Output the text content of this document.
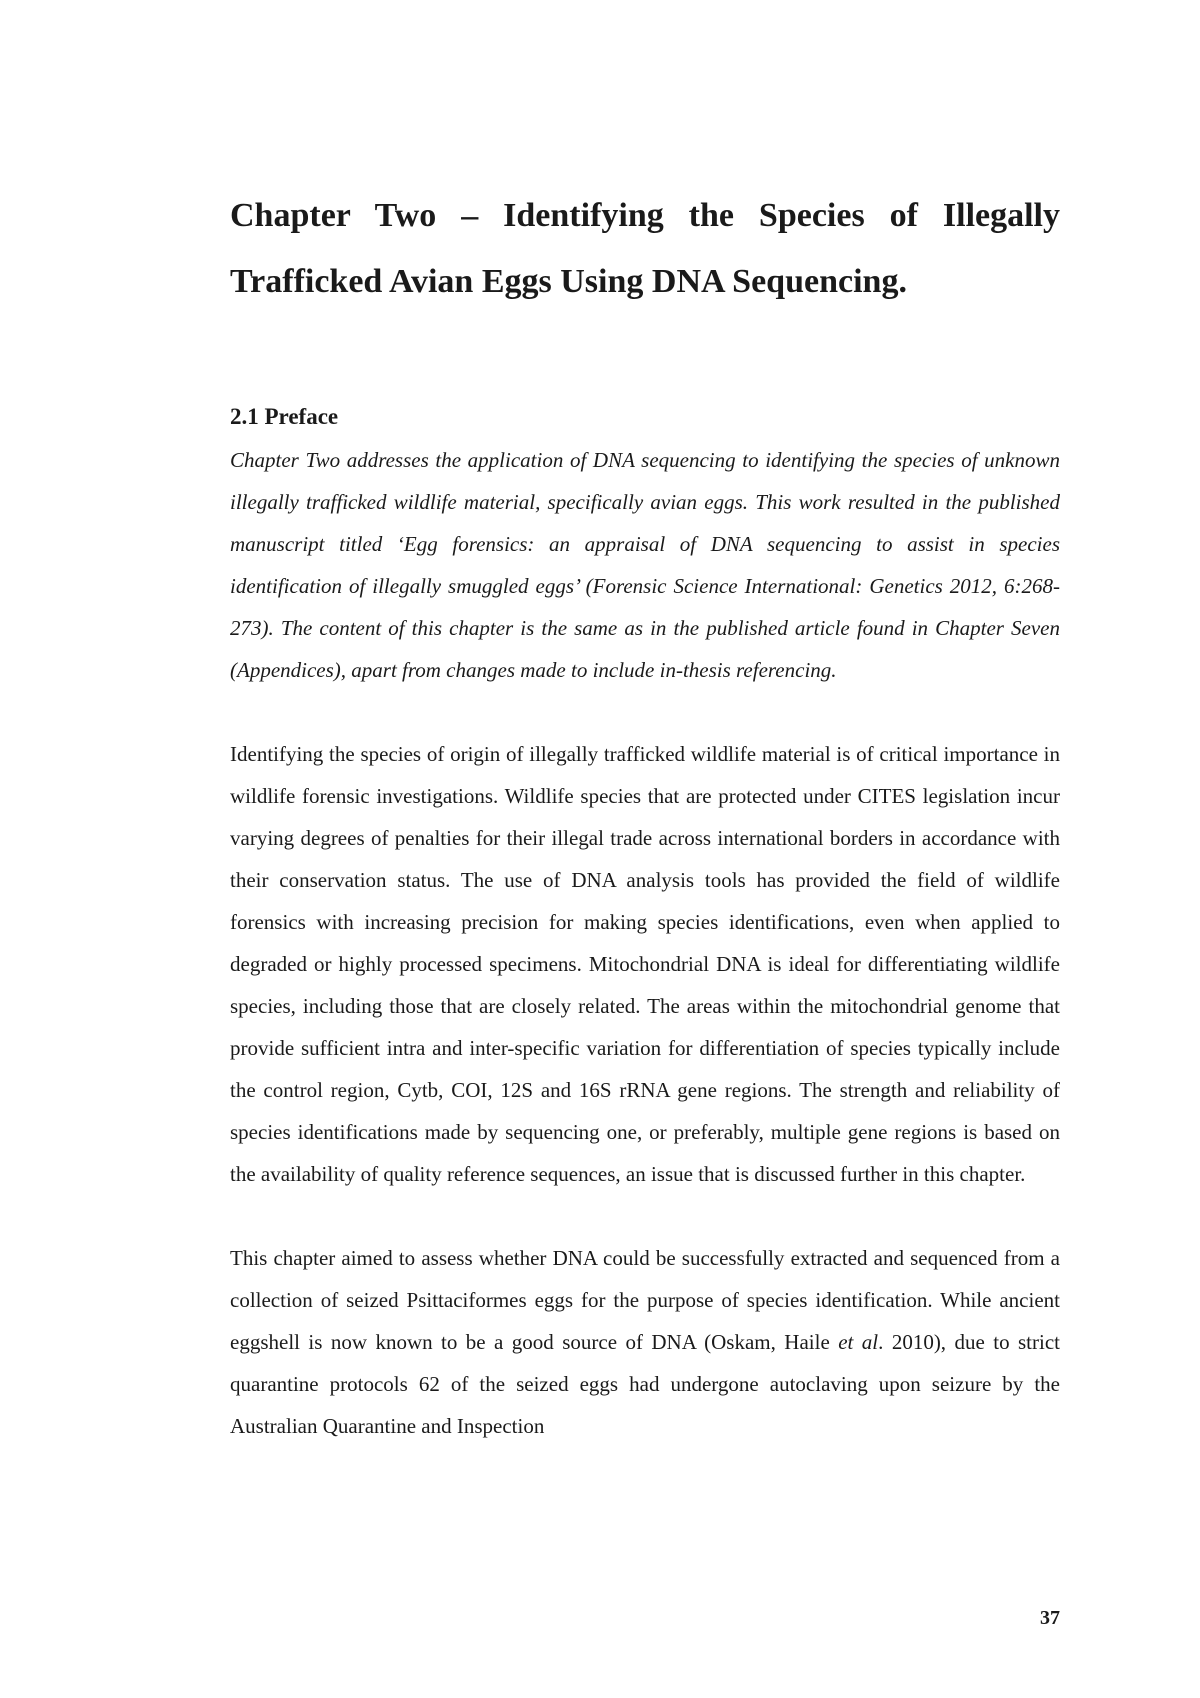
Chapter Two – Identifying the Species of Illegally Trafficked Avian Eggs Using DNA Sequencing.
2.1 Preface

Chapter Two addresses the application of DNA sequencing to identifying the species of unknown illegally trafficked wildlife material, specifically avian eggs. This work resulted in the published manuscript titled ‘Egg forensics: an appraisal of DNA sequencing to assist in species identification of illegally smuggled eggs’ (Forensic Science International: Genetics 2012, 6:268-273). The content of this chapter is the same as in the published article found in Chapter Seven (Appendices), apart from changes made to include in-thesis referencing.

Identifying the species of origin of illegally trafficked wildlife material is of critical importance in wildlife forensic investigations. Wildlife species that are protected under CITES legislation incur varying degrees of penalties for their illegal trade across international borders in accordance with their conservation status. The use of DNA analysis tools has provided the field of wildlife forensics with increasing precision for making species identifications, even when applied to degraded or highly processed specimens. Mitochondrial DNA is ideal for differentiating wildlife species, including those that are closely related. The areas within the mitochondrial genome that provide sufficient intra and inter-specific variation for differentiation of species typically include the control region, Cytb, COI, 12S and 16S rRNA gene regions. The strength and reliability of species identifications made by sequencing one, or preferably, multiple gene regions is based on the availability of quality reference sequences, an issue that is discussed further in this chapter.

This chapter aimed to assess whether DNA could be successfully extracted and sequenced from a collection of seized Psittaciformes eggs for the purpose of species identification. While ancient eggshell is now known to be a good source of DNA (Oskam, Haile et al. 2010), due to strict quarantine protocols 62 of the seized eggs had undergone autoclaving upon seizure by the Australian Quarantine and Inspection

37
